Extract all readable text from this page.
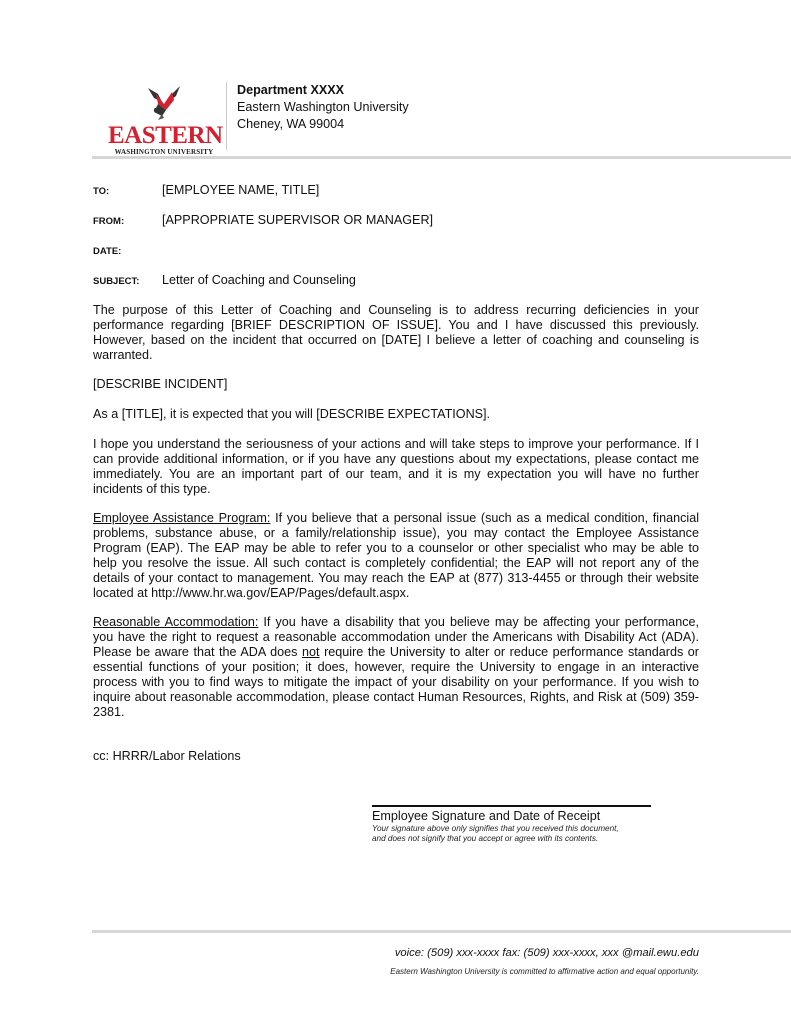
EASTERN
WASHINGTON UNIVERSITY
Department XXXX
Eastern Washington University
Cheney, WA 99004
TO:	[EMPLOYEE NAME, TITLE]
FROM:	[APPROPRIATE SUPERVISOR OR MANAGER]
DATE:
SUBJECT: Letter of Coaching and Counseling

The purpose of this Letter of Coaching and Counseling is to address recurring deficiencies in your performance regarding [BRIEF DESCRIPTION OF ISSUE]. You and I have discussed this previously. However, based on the incident that occurred on [DATE] I believe a letter of coaching and counseling is warranted.

[DESCRIBE INCIDENT]

As a [TITLE], it is expected that you will [DESCRIBE EXPECTATIONS].

I hope you understand the seriousness of your actions and will take steps to improve your performance. If I can provide additional information, or if you have any questions about my expectations, please contact me immediately. You are an important part of our team, and it is my expectation you will have no further incidents of this type.

Employee Assistance Program: If you believe that a personal issue (such as a medical condition, financial problems, substance abuse, or a family/relationship issue), you may contact the Employee Assistance Program (EAP). The EAP may be able to refer you to a counselor or other specialist who may be able to help you resolve the issue. All such contact is completely confidential; the EAP will not report any of the details of your contact to management. You may reach the EAP at (877) 313-4455 or through their website located at http://www.hr.wa.gov/EAP/Pages/default.aspx.

Reasonable Accommodation: If you have a disability that you believe may be affecting your performance, you have the right to request a reasonable accommodation under the Americans with Disability Act (ADA). Please be aware that the ADA does not require the University to alter or reduce performance standards or essential functions of your position; it does, however, require the University to engage in an interactive process with you to find ways to mitigate the impact of your disability on your performance. If you wish to inquire about reasonable accommodation, please contact Human Resources, Rights, and Risk at (509) 359-2381.

cc: HRRR/Labor Relations

Employee Signature and Date of Receipt
Your signature above only signifies that you received this document,
and does not signify that you accept or agree with its contents.
voice: (509) xxx-xxxx fax: (509) xxx-xxxx, xxx @mail.ewu.edu
Eastern Washington University is committed to affirmative action and equal opportunity.
